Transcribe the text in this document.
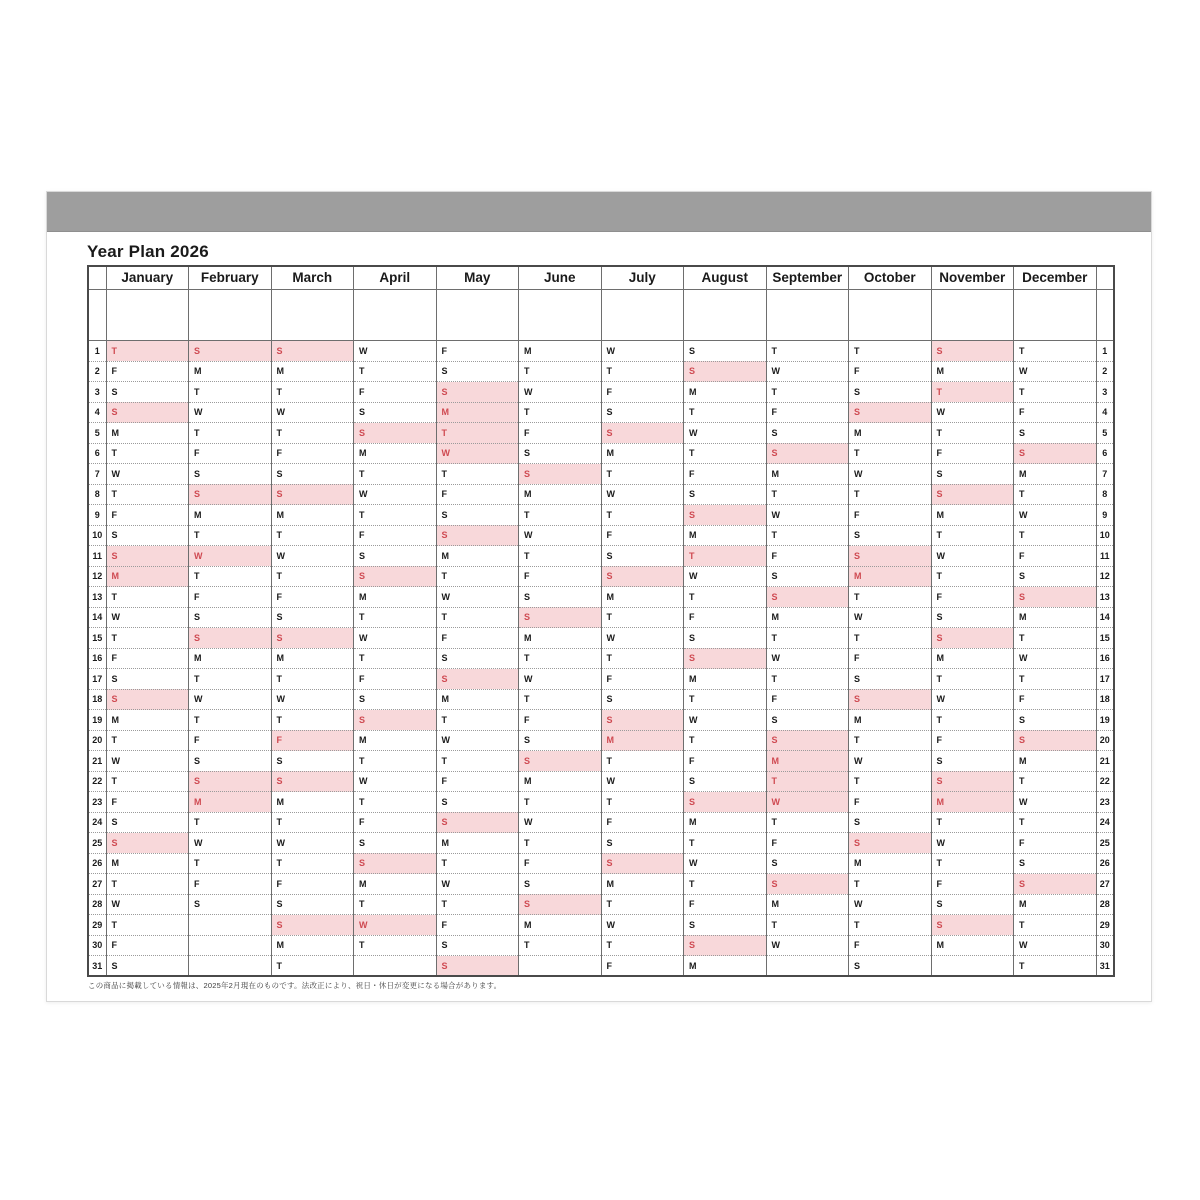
Year Plan 2026
	January	February	March	April	May	June	July	August	September	October	November	December	

1	T	S	S	W	F	M	W	S	T	T	S	T	1
2	F	M	M	T	S	T	T	S	W	F	M	W	2
3	S	T	T	F	S	W	F	M	T	S	T	T	3
4	S	W	W	S	M	T	S	T	F	S	W	F	4
5	M	T	T	S	T	F	S	W	S	M	T	S	5
6	T	F	F	M	W	S	M	T	S	T	F	S	6
7	W	S	S	T	T	S	T	F	M	W	S	M	7
8	T	S	S	W	F	M	W	S	T	T	S	T	8
9	F	M	M	T	S	T	T	S	W	F	M	W	9
10	S	T	T	F	S	W	F	M	T	S	T	T	10
11	S	W	W	S	M	T	S	T	F	S	W	F	11
12	M	T	T	S	T	F	S	W	S	M	T	S	12
13	T	F	F	M	W	S	M	T	S	T	F	S	13
14	W	S	S	T	T	S	T	F	M	W	S	M	14
15	T	S	S	W	F	M	W	S	T	T	S	T	15
16	F	M	M	T	S	T	T	S	W	F	M	W	16
17	S	T	T	F	S	W	F	M	T	S	T	T	17
18	S	W	W	S	M	T	S	T	F	S	W	F	18
19	M	T	T	S	T	F	S	W	S	M	T	S	19
20	T	F	F	M	W	S	M	T	S	T	F	S	20
21	W	S	S	T	T	S	T	F	M	W	S	M	21
22	T	S	S	W	F	M	W	S	T	T	S	T	22
23	F	M	M	T	S	T	T	S	W	F	M	W	23
24	S	T	T	F	S	W	F	M	T	S	T	T	24
25	S	W	W	S	M	T	S	T	F	S	W	F	25
26	M	T	T	S	T	F	S	W	S	M	T	S	26
27	T	F	F	M	W	S	M	T	S	T	F	S	27
28	W	S	S	T	T	S	T	F	M	W	S	M	28
29	T		S	W	F	M	W	S	T	T	S	T	29
30	F		M	T	S	T	T	S	W	F	M	W	30
31	S		T		S		F	M		S		T	31

この商品に掲載している情報は、2025年2月現在のものです。法改正により、祝日・休日が変更になる場合があります。
